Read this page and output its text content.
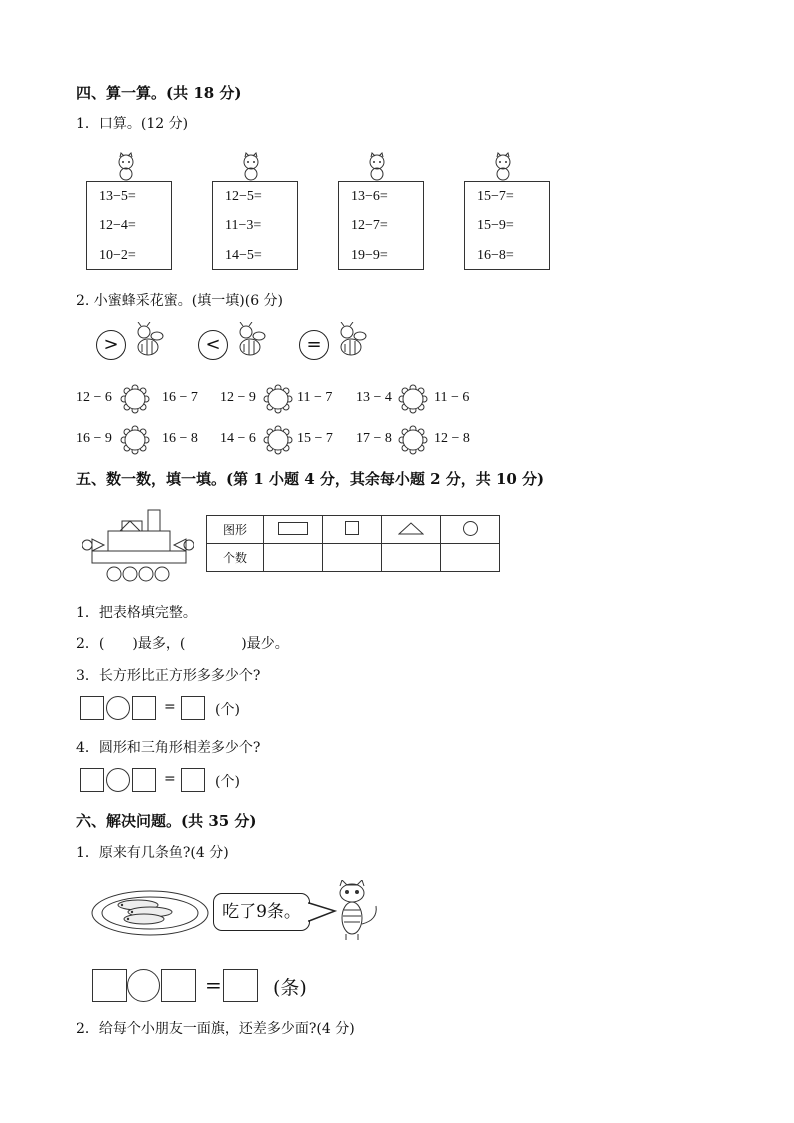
四、算一算。(共 18 分)
1．口算。(12 分)
13−5=
12−4=
10−2=
12−5=
11−3=
14−5=
13−6=
12−7=
19−9=
15−7=
15−9=
16−8=
2. 小蜜蜂采花蜜。(填一填)(6 分)
>	<	=
12 − 6	16 − 7 12 − 9	11 − 7 13 − 4	11 − 6
16 − 9	16 − 8 14 − 6	15 − 7 17 − 8	12 − 8
五、数一数，填一填。(第 1 小题 4 分，其余每小题 2 分，共 10 分)
图形				
个数				
1．把表格填完整。
2．(　　)最多，(　　　　)最少。
3．长方形比正方形多多少个?
=	(个)
4．圆形和三角形相差多少个?
=	(个)
六、解决问题。(共 35 分)
1．原来有几条鱼?(4 分)
吃了9条。
=	(条)
2．给每个小朋友一面旗，还差多少面?(4 分)
